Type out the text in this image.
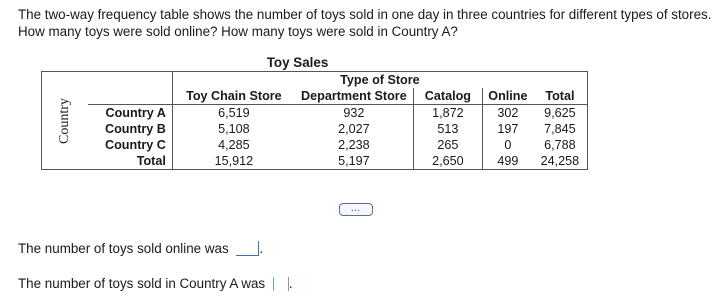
The two-way frequency table shows the number of toys sold in one day in three countries for different types of stores.
How many toys were sold online? How many toys were sold in Country A?
Toy Sales
Country		Type of Store				
		Toy Chain Store	Department Store	Catalog	Online	Total
	Country A	6,519	932	1,872	302	9,625
	Country B	5,108	2,027	513	197	7,845
	Country C	4,285	2,238	265	0	6,788
	Total	15,912	5,197	2,650	499	24,258
…
The number of toys sold online was .
The number of toys sold in Country A was .
